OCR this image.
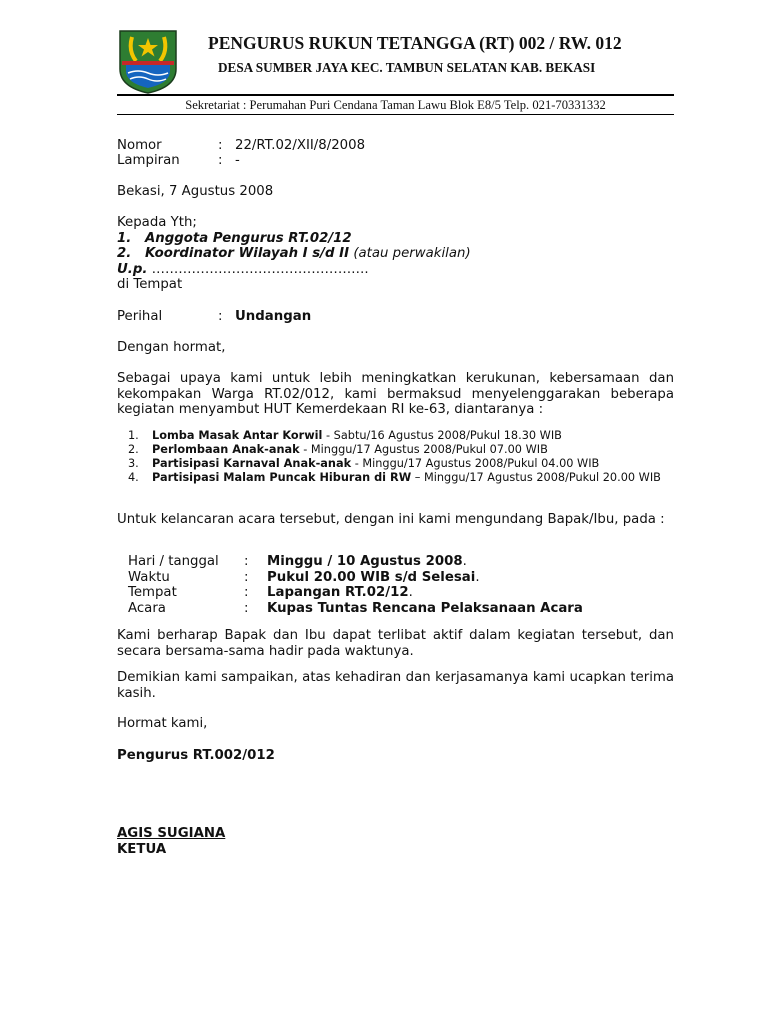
PENGURUS RUKUN TETANGGA (RT) 002 / RW. 012
DESA SUMBER JAYA KEC. TAMBUN SELATAN KAB. BEKASI
Sekretariat : Perumahan Puri Cendana Taman Lawu Blok E8/5 Telp. 021-70331332
Nomor	: 22/RT.02/XII/8/2008
Lampiran	: -
Bekasi, 7 Agustus 2008
Kepada Yth;
1. Anggota Pengurus RT.02/12
2. Koordinator Wilayah I s/d II (atau perwakilan)
U.p. ………………………………………….
di Tempat
Perihal	: Undangan
Dengan hormat,
Sebagai upaya kami untuk lebih meningkatkan kerukunan, kebersamaan dan kekompakan Warga RT.02/012, kami bermaksud menyelenggarakan beberapa kegiatan menyambut HUT Kemerdekaan RI ke-63, diantaranya :
1. Lomba Masak Antar Korwil - Sabtu/16 Agustus 2008/Pukul 18.30 WIB
2. Perlombaan Anak-anak - Minggu/17 Agustus 2008/Pukul 07.00 WIB
3. Partisipasi Karnaval Anak-anak - Minggu/17 Agustus 2008/Pukul 04.00 WIB
4. Partisipasi Malam Puncak Hiburan di RW – Minggu/17 Agustus 2008/Pukul 20.00 WIB
Untuk kelancaran acara tersebut, dengan ini kami mengundang Bapak/Ibu, pada :
Hari / tanggal : Minggu / 10 Agustus 2008.
Waktu	: Pukul 20.00 WIB s/d Selesai.
Tempat	: Lapangan RT.02/12.
Acara	: Kupas Tuntas Rencana Pelaksanaan Acara
Kami berharap Bapak dan Ibu dapat terlibat aktif dalam kegiatan tersebut, dan secara bersama-sama hadir pada waktunya.
Demikian kami sampaikan, atas kehadiran dan kerjasamanya kami ucapkan terima kasih.
Hormat kami,
Pengurus RT.002/012
AGIS SUGIANA
KETUA
